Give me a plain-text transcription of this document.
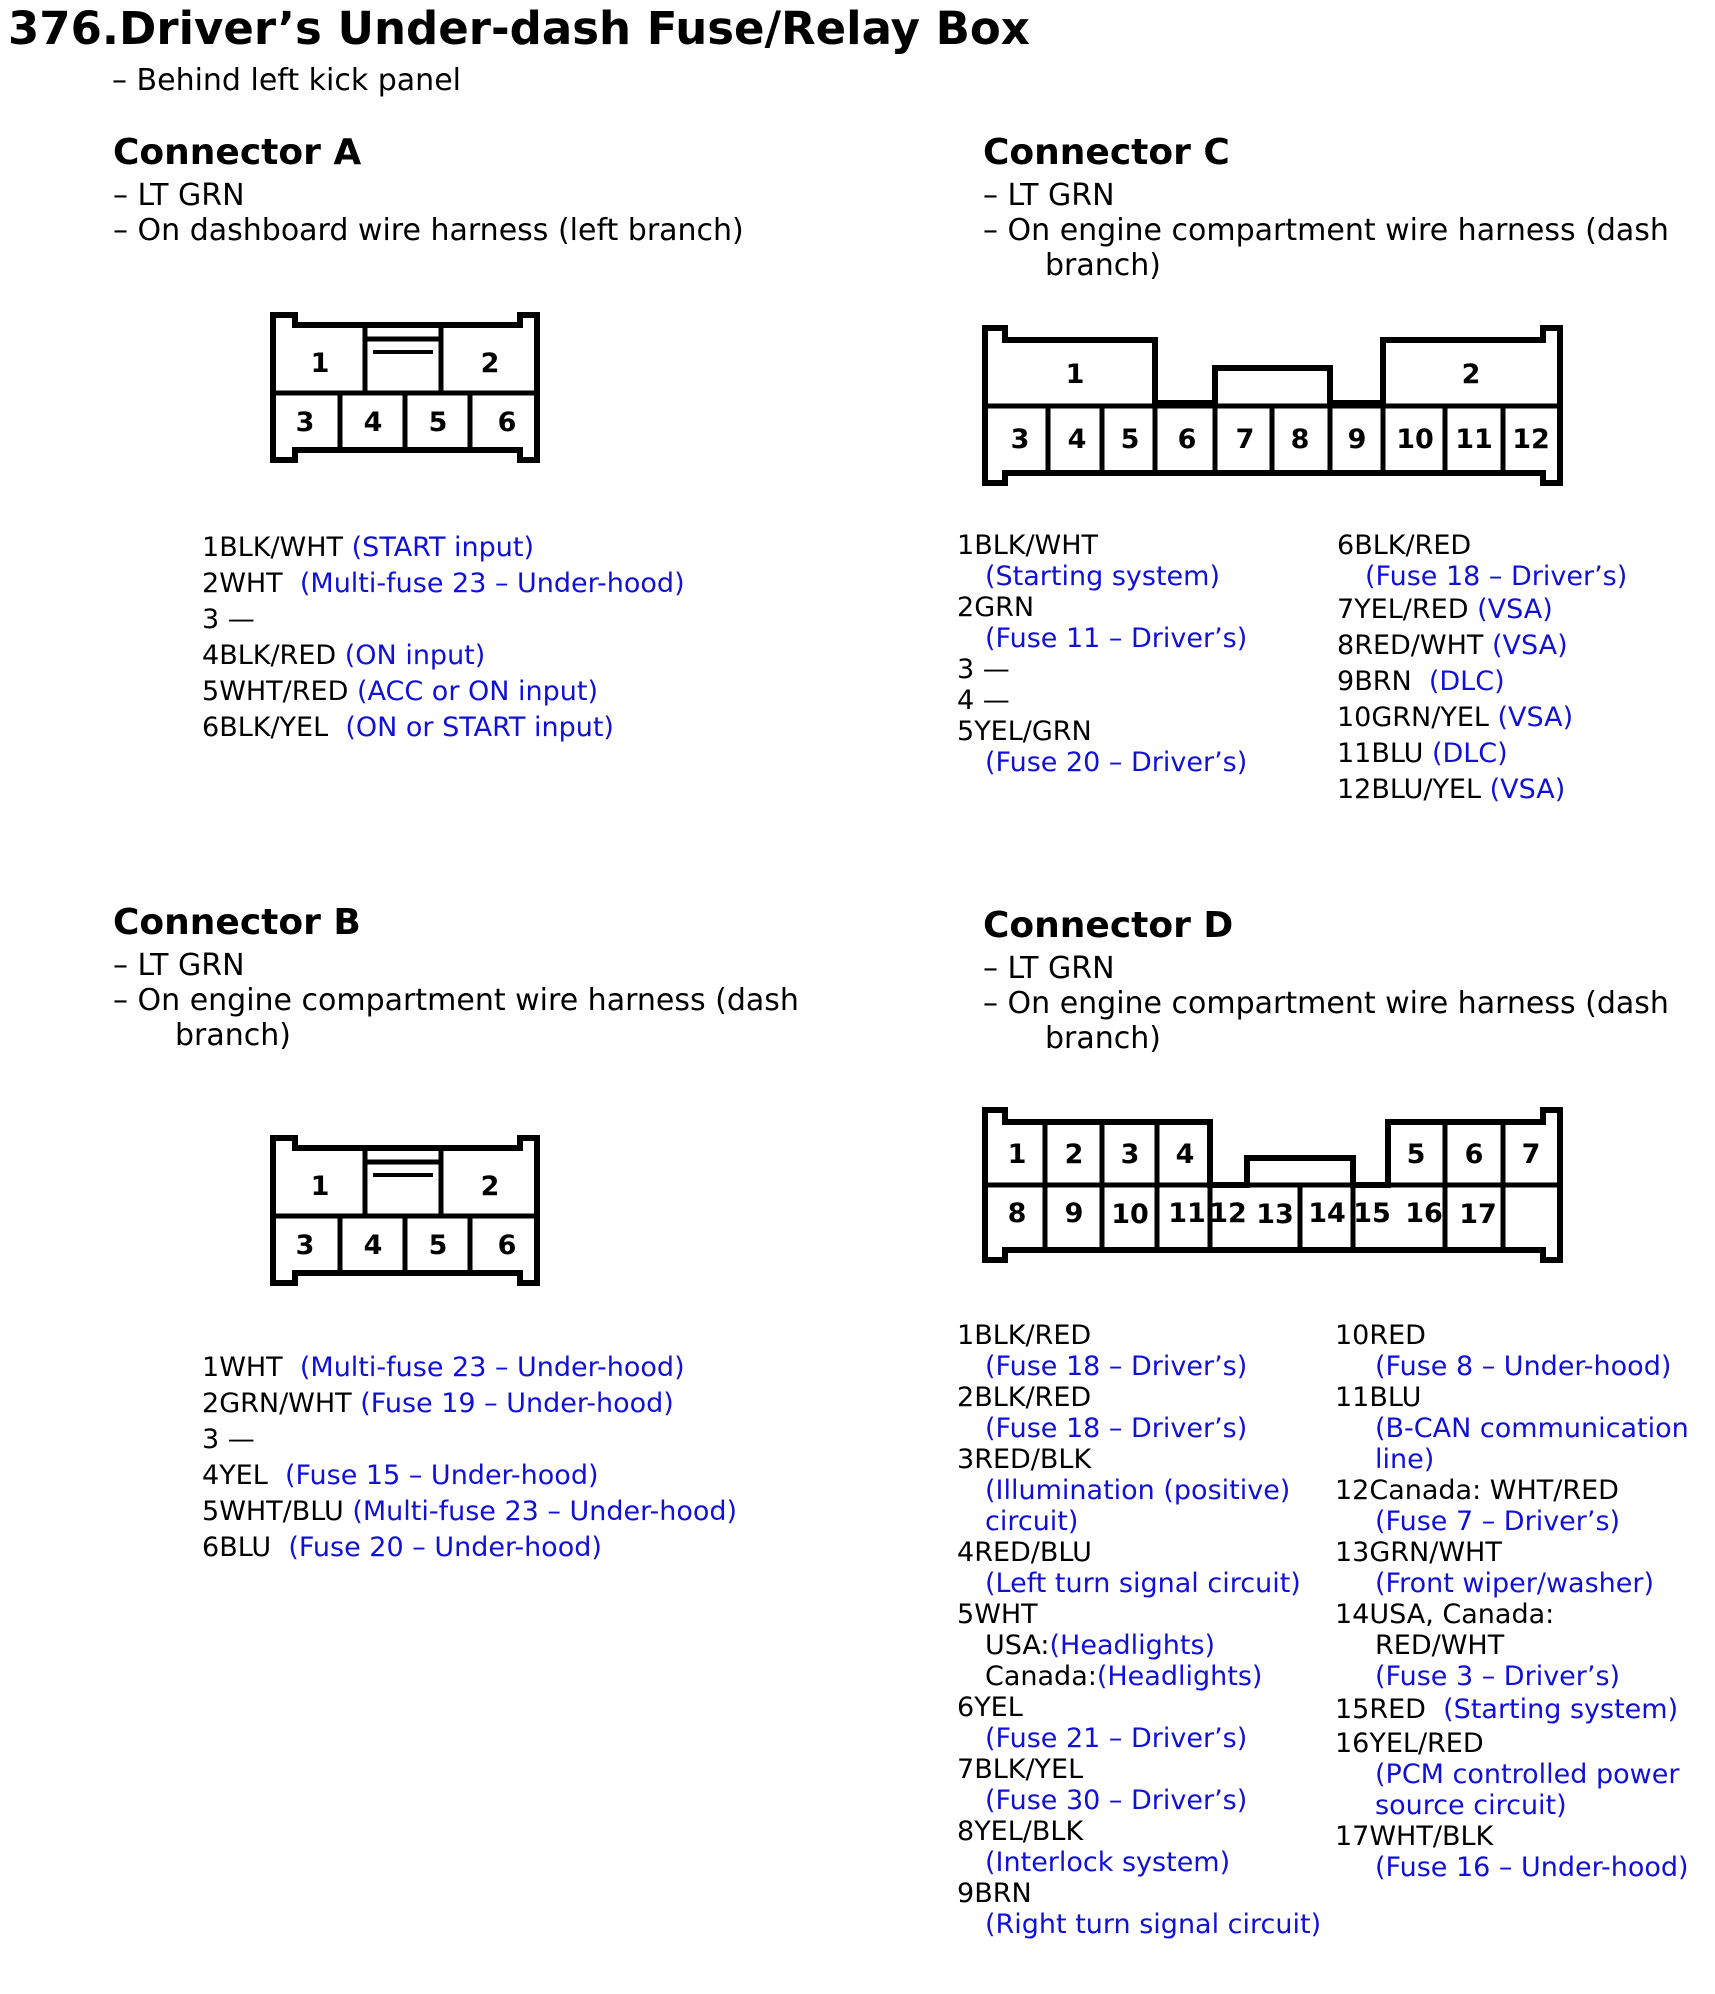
376.Driver’s Under-dash Fuse/Relay Box
– Behind left kick panel
Connector A
– LT GRN
– On dashboard wire harness (left branch)
1	2
3 4 5 6
1BLK/WHT (START input)
2WHT  (Multi-fuse 23 – Under-hood)
3 —
4BLK/RED (ON input)
5WHT/RED (ACC or ON input)
6BLK/YEL  (ON or START input)
Connector C
– LT GRN
– On engine compartment wire harness (dash
branch)
1	2
3 4 5 6 7 8 9 10 11 12
1BLK/WHT
(Starting system)
2GRN
(Fuse 11 – Driver’s)
3 —
4 —
5YEL/GRN
(Fuse 20 – Driver’s)
6BLK/RED
(Fuse 18 – Driver’s)
7YEL/RED (VSA)
8RED/WHT (VSA)
9BRN  (DLC)
10GRN/YEL (VSA)
11BLU (DLC)
12BLU/YEL (VSA)
Connector B
– LT GRN
– On engine compartment wire harness (dash
branch)
1	2
3 4 5 6
1WHT  (Multi-fuse 23 – Under-hood)
2GRN/WHT (Fuse 19 – Under-hood)
3 —
4YEL  (Fuse 15 – Under-hood)
5WHT/BLU (Multi-fuse 23 – Under-hood)
6BLU  (Fuse 20 – Under-hood)
Connector D
– LT GRN
– On engine compartment wire harness (dash
branch)
1 2 3 4	5 6 7
8 9 10 11 12 13 14 15 16 17
1BLK/RED
(Fuse 18 – Driver’s)
2BLK/RED
(Fuse 18 – Driver’s)
3RED/BLK
(Illumination (positive)
circuit)
4RED/BLU
(Left turn signal circuit)
5WHT
USA:(Headlights)
Canada:(Headlights)
6YEL
(Fuse 21 – Driver’s)
7BLK/YEL
(Fuse 30 – Driver’s)
8YEL/BLK
(Interlock system)
9BRN
(Right turn signal circuit)
10RED
(Fuse 8 – Under-hood)
11BLU
(B-CAN communication
line)
12Canada: WHT/RED
(Fuse 7 – Driver’s)
13GRN/WHT
(Front wiper/washer)
14USA, Canada:
RED/WHT
(Fuse 3 – Driver’s)
15RED  (Starting system)
16YEL/RED
(PCM controlled power
source circuit)
17WHT/BLK
(Fuse 16 – Under-hood)
